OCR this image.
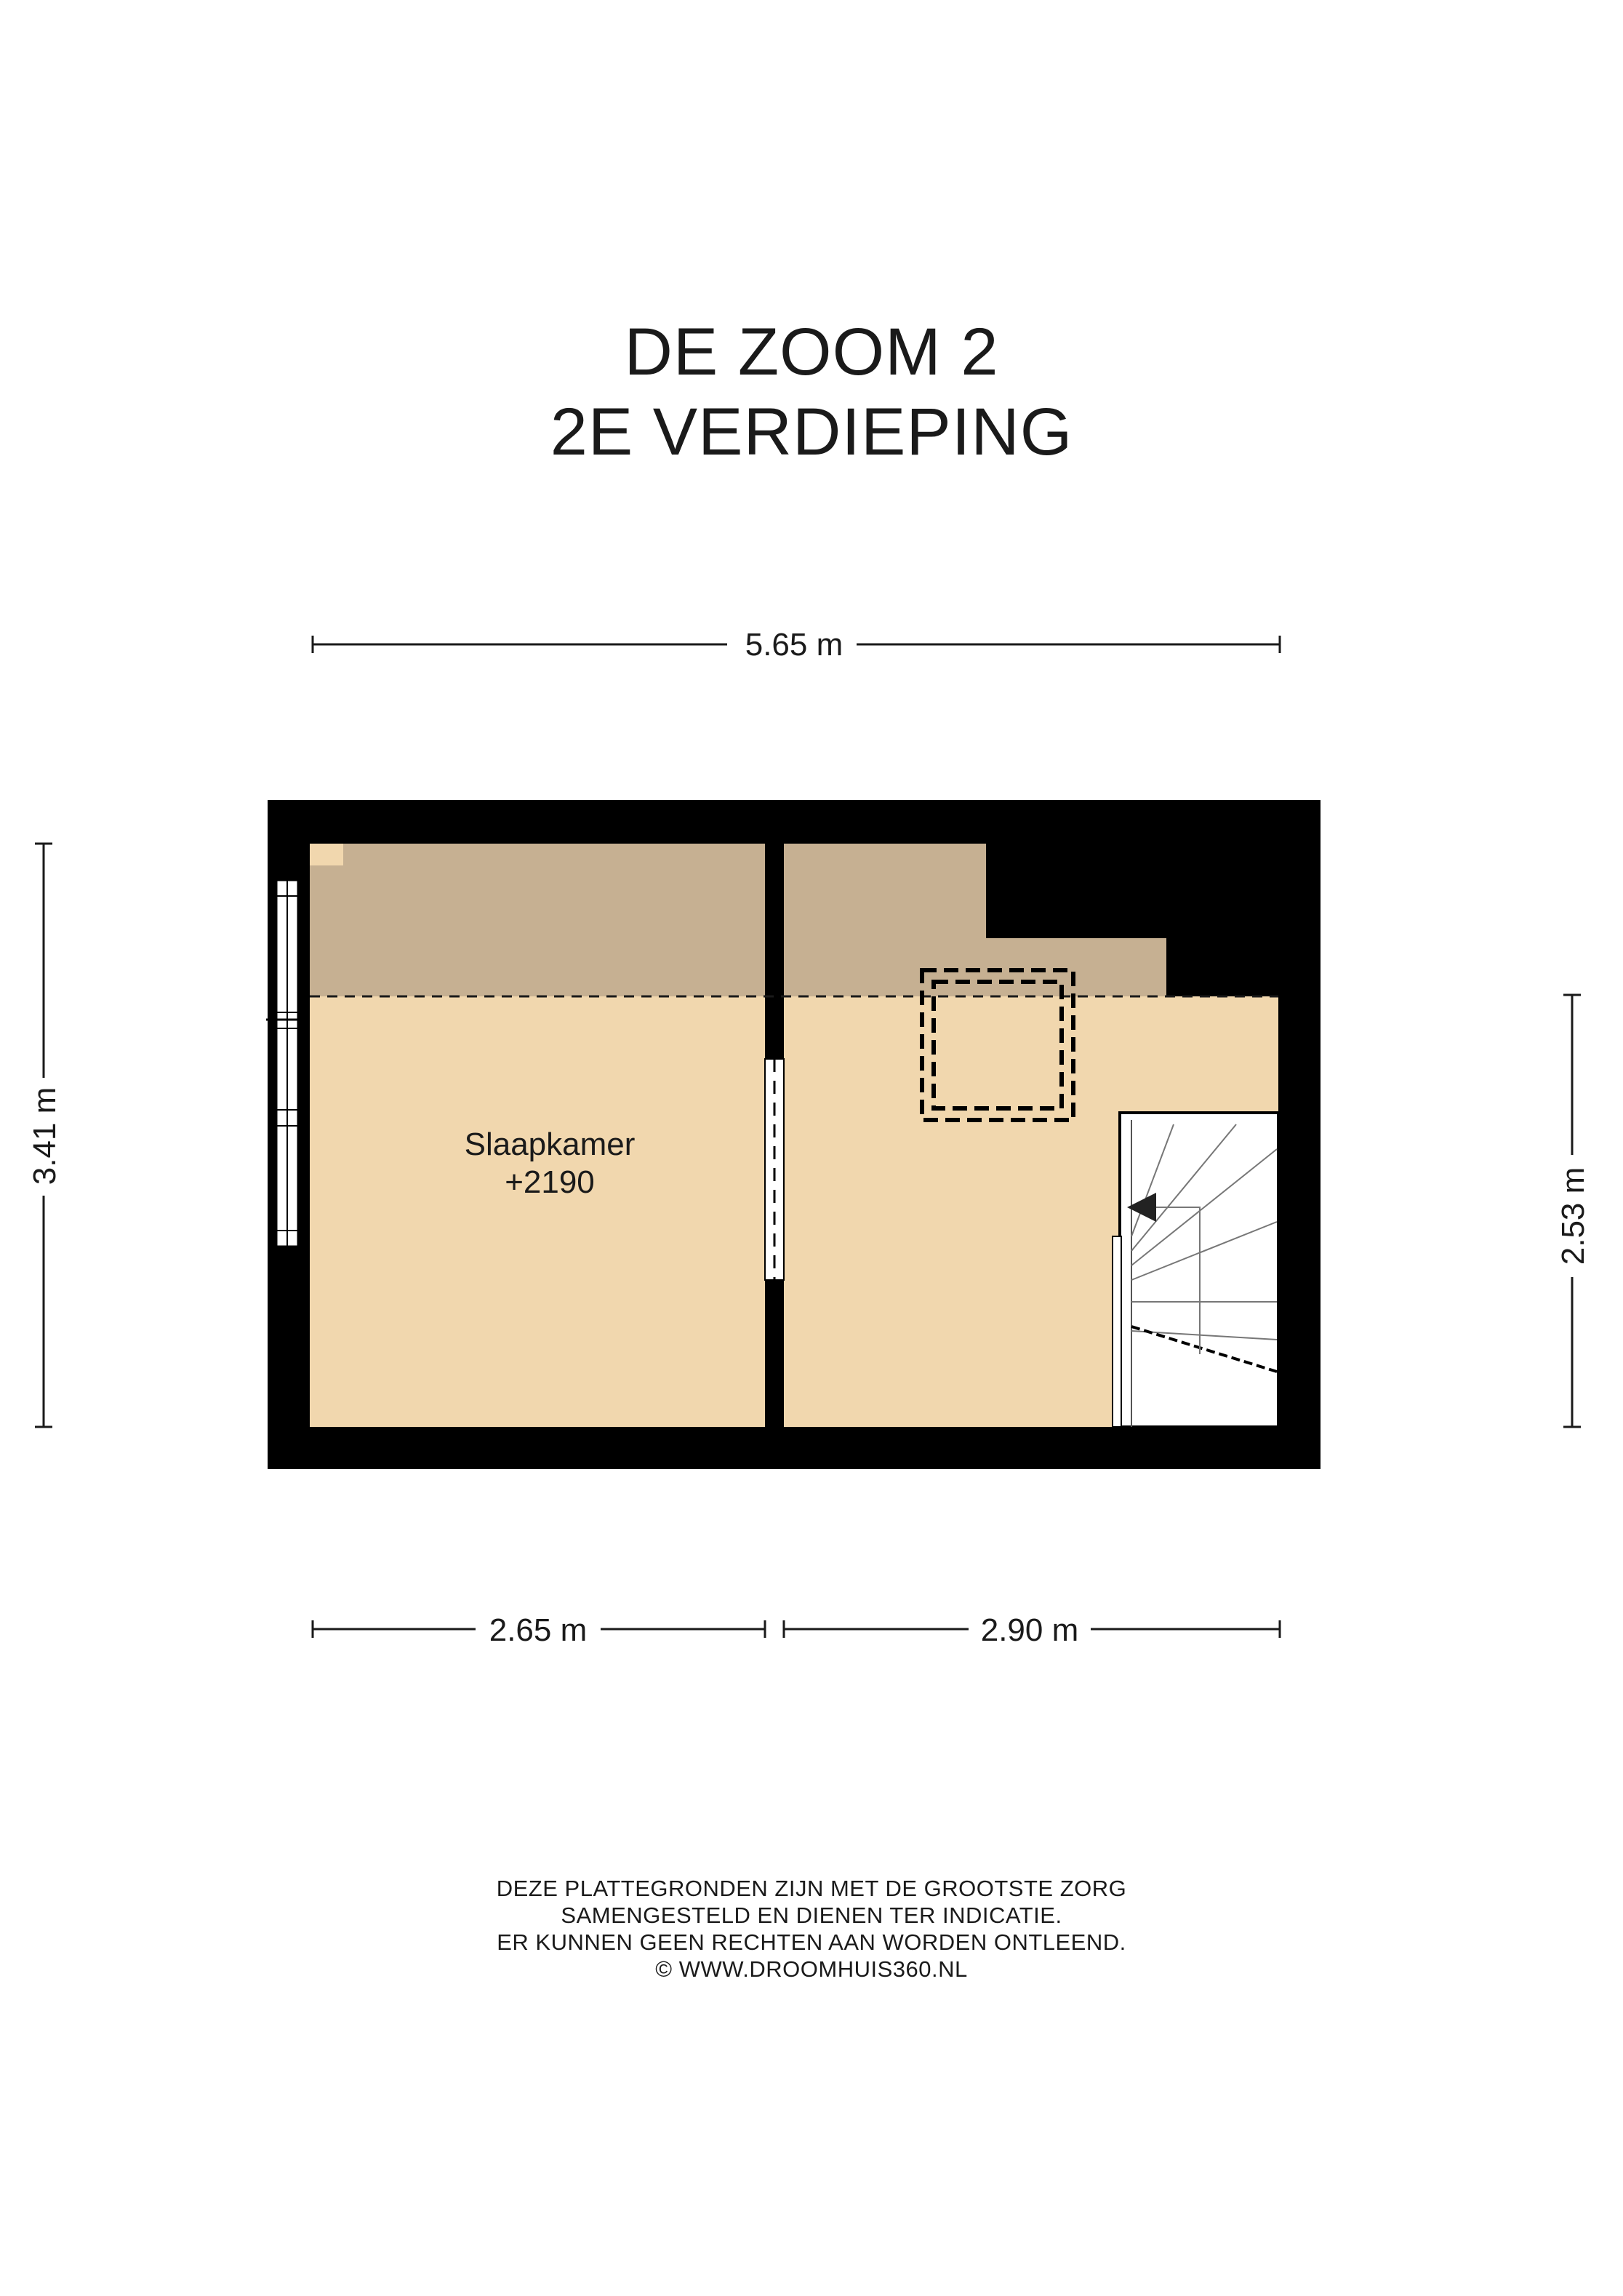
DE ZOOM 2
2E VERDIEPING
5.65 m
3.41 m
2.53 m
Slaapkamer
+2190
2.65 m	2.90 m
DEZE PLATTEGRONDEN ZIJN MET DE GROOTSTE ZORG
SAMENGESTELD EN DIENEN TER INDICATIE.
ER KUNNEN GEEN RECHTEN AAN WORDEN ONTLEEND.
© WWW.DROOMHUIS360.NL
